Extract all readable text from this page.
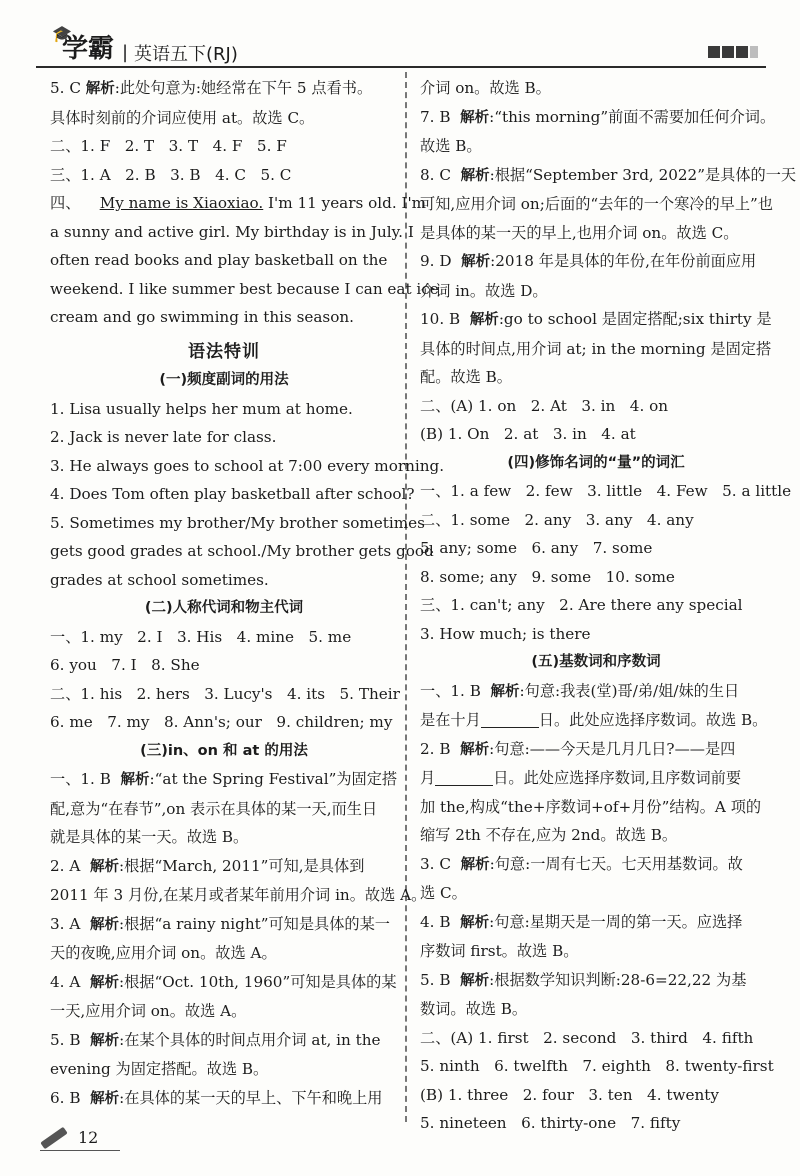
🎓
学霸 | 英语五下(RJ)
5. C 解析:此处句意为:她经常在下午 5 点看书。
具体时刻前的介词应使用 at。故选 C。
二、1. F   2. T   3. T   4. F   5. F
三、1. A   2. B   3. B   4. C   5. C
四、    My name is Xiaoxiao. I'm 11 years old. I'm
a sunny and active girl. My birthday is in July. I
often read books and play basketball on the
weekend. I like summer best because I can eat ice
cream and go swimming in this season.
语法特训
(一)频度副词的用法
1. Lisa usually helps her mum at home.
2. Jack is never late for class.
3. He always goes to school at 7:00 every morning.
4. Does Tom often play basketball after school?
5. Sometimes my brother/My brother sometimes
gets good grades at school./My brother gets good
grades at school sometimes.
(二)人称代词和物主代词
一、1. my   2. I   3. His   4. mine   5. me
6. you   7. I   8. She
二、1. his   2. hers   3. Lucy's   4. its   5. Their
6. me   7. my   8. Ann's; our   9. children; my
(三)in、on 和 at 的用法
一、1. B  解析:“at the Spring Festival”为固定搭
配,意为“在春节”,on 表示在具体的某一天,而生日
就是具体的某一天。故选 B。
2. A  解析:根据“March, 2011”可知,是具体到
2011 年 3 月份,在某月或者某年前用介词 in。故选 A。
3. A  解析:根据“a rainy night”可知是具体的某一
天的夜晚,应用介词 on。故选 A。
4. A  解析:根据“Oct. 10th, 1960”可知是具体的某
一天,应用介词 on。故选 A。
5. B  解析:在某个具体的时间点用介词 at, in the
evening 为固定搭配。故选 B。
6. B  解析:在具体的某一天的早上、下午和晚上用
介词 on。故选 B。
7. B  解析:“this morning”前面不需要加任何介词。
故选 B。
8. C  解析:根据“September 3rd, 2022”是具体的一天
可知,应用介词 on;后面的“去年的一个寒冷的早上”也
是具体的某一天的早上,也用介词 on。故选 C。
9. D  解析:2018 年是具体的年份,在年份前面应用
介词 in。故选 D。
10. B  解析:go to school 是固定搭配;six thirty 是
具体的时间点,用介词 at; in the morning 是固定搭
配。故选 B。
二、(A) 1. on   2. At   3. in   4. on
(B) 1. On   2. at   3. in   4. at
(四)修饰名词的“量”的词汇
一、1. a few   2. few   3. little   4. Few   5. a little
二、1. some   2. any   3. any   4. any
5. any; some   6. any   7. some
8. some; any   9. some   10. some
三、1. can't; any   2. Are there any special
3. How much; is there
(五)基数词和序数词
一、1. B  解析:句意:我表(堂)哥/弟/姐/妹的生日
是在十月	日。此处应选择序数词。故选 B。
2. B  解析:句意:——今天是几月几日?——是四
月	日。此处应选择序数词,且序数词前要
加 the,构成“the+序数词+of+月份”结构。A 项的
缩写 2th 不存在,应为 2nd。故选 B。
3. C  解析:句意:一周有七天。七天用基数词。故
选 C。
4. B  解析:句意:星期天是一周的第一天。应选择
序数词 first。故选 B。
5. B  解析:根据数学知识判断:28-6=22,22 为基
数词。故选 B。
二、(A) 1. first   2. second   3. third   4. fifth
5. ninth   6. twelfth   7. eighth   8. twenty-first
(B) 1. three   2. four   3. ten   4. twenty
5. nineteen   6. thirty-one   7. fifty
12
